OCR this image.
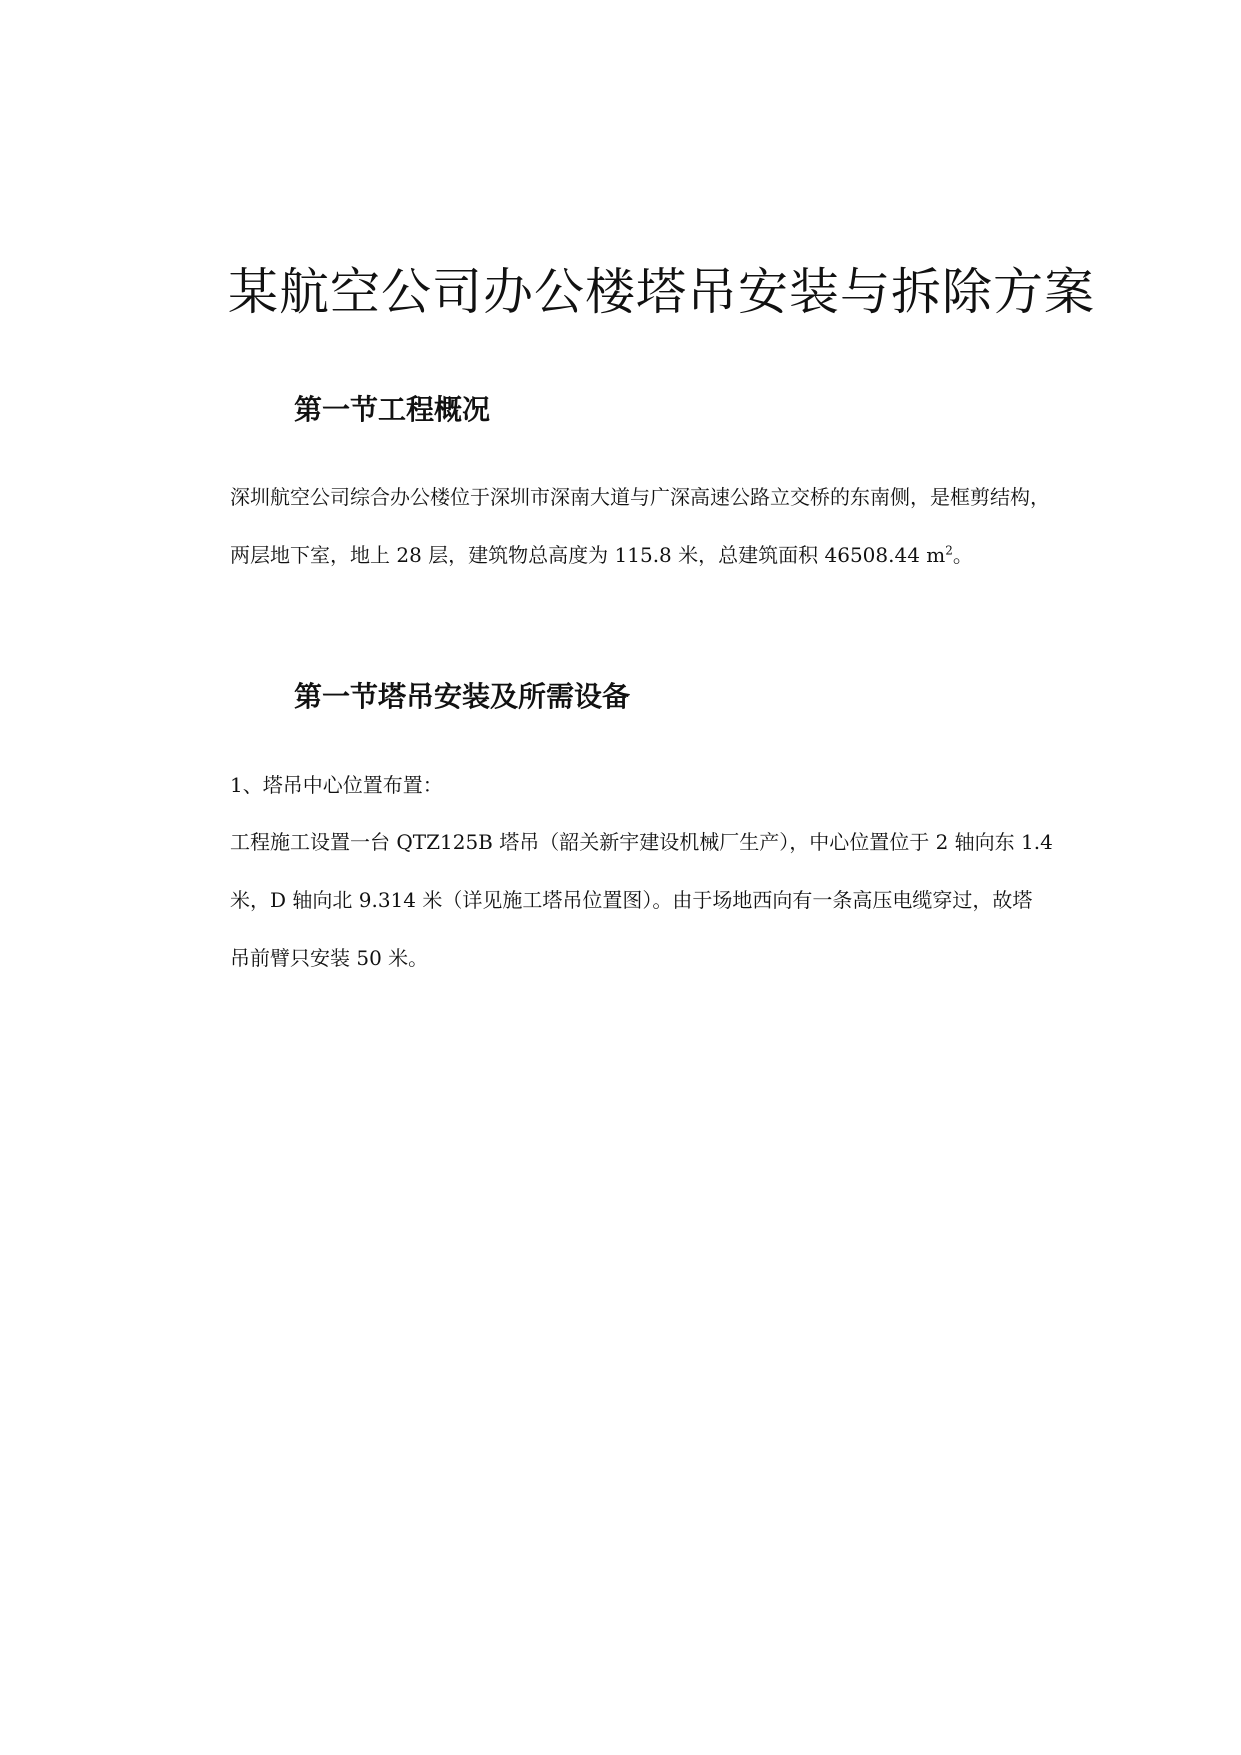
某航空公司办公楼塔吊安装与拆除方案
第一节工程概况

深圳航空公司综合办公楼位于深圳市深南大道与广深高速公路立交桥的东南侧，是框剪结构，

两层地下室，地上 28 层，建筑物总高度为 115.8 米，总建筑面积 46508.44 $m^2$。

第一节塔吊安装及所需设备

1、塔吊中心位置布置：

工程施工设置一台 QTZ125B 塔吊（韶关新宇建设机械厂生产），中心位置位于 2 轴向东 1.4

米，D 轴向北 9.314 米（详见施工塔吊位置图）。由于场地西向有一条高压电缆穿过，故塔

吊前臂只安装 50 米。
